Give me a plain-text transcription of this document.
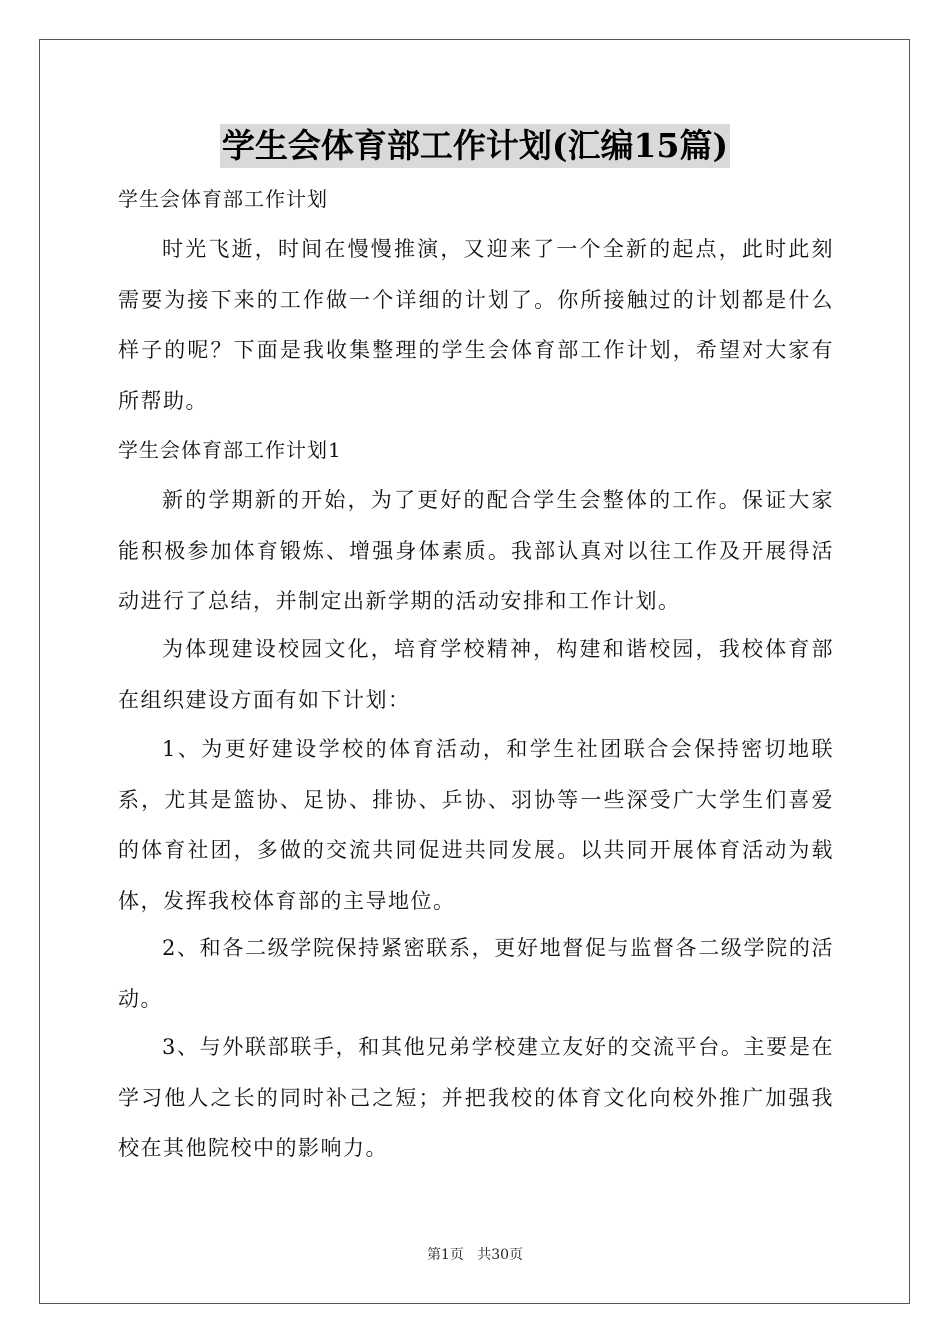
学生会体育部工作计划(汇编15篇)
学生会体育部工作计划

时光飞逝，时间在慢慢推演，又迎来了一个全新的起点，此时此刻需要为接下来的工作做一个详细的计划了。你所接触过的计划都是什么样子的呢？下面是我收集整理的学生会体育部工作计划，希望对大家有所帮助。

学生会体育部工作计划1

新的学期新的开始，为了更好的配合学生会整体的工作。保证大家能积极参加体育锻炼、增强身体素质。我部认真对以往工作及开展得活动进行了总结，并制定出新学期的活动安排和工作计划。

为体现建设校园文化，培育学校精神，构建和谐校园，我校体育部在组织建设方面有如下计划：

1、为更好建设学校的体育活动，和学生社团联合会保持密切地联系，尤其是篮协、足协、排协、乒协、羽协等一些深受广大学生们喜爱的体育社团，多做的交流共同促进共同发展。以共同开展体育活动为载体，发挥我校体育部的主导地位。

2、和各二级学院保持紧密联系，更好地督促与监督各二级学院的活动。

3、与外联部联手，和其他兄弟学校建立友好的交流平台。主要是在学习他人之长的同时补己之短；并把我校的体育文化向校外推广加强我校在其他院校中的影响力。

第1页 共30页
